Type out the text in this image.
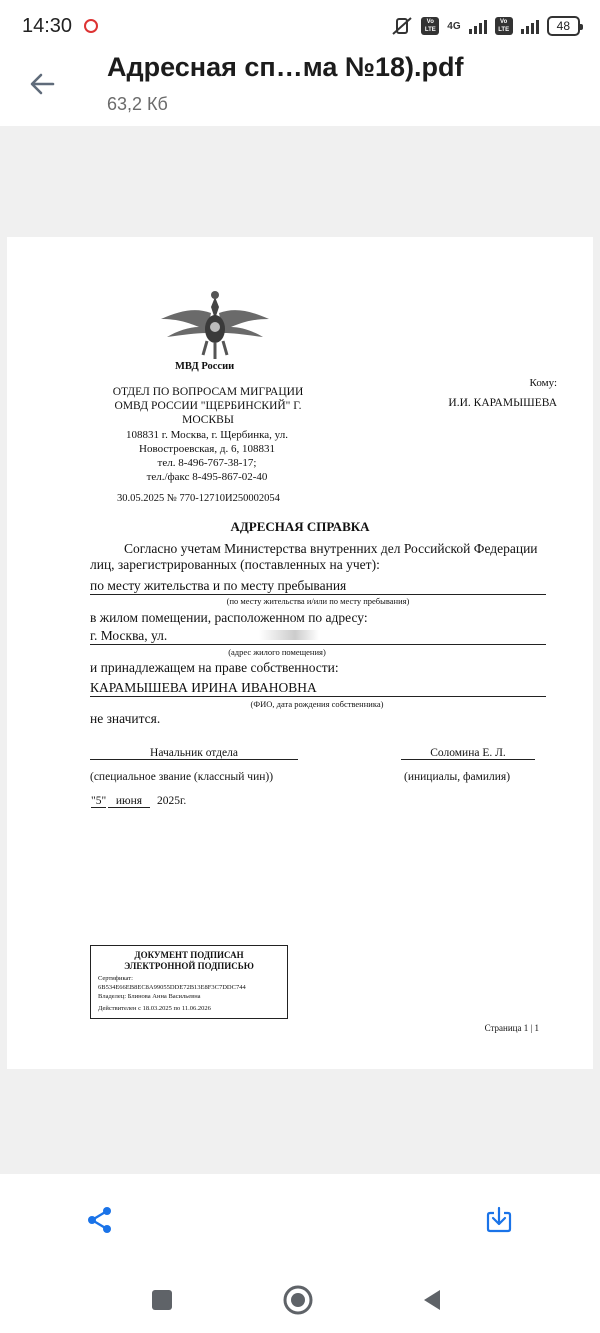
14:30	Vo
LTE	4G	Vo
LTE	48
Адресная сп…ма №18).pdf
63,2 Кб
МВД России
ОТДЕЛ ПО ВОПРОСАМ МИГРАЦИИ
ОМВД РОССИИ "ЩЕРБИНСКИЙ" Г.
МОСКВЫ
108831 г. Москва, г. Щербинка, ул.
Новостроевская, д. 6, 108831
тел. 8-496-767-38-17;
тел./факс 8-495-867-02-40
Кому:
И.И. КАРАМЫШЕВА
30.05.2025 № 770-12710И250002054
АДРЕСНАЯ СПРАВКА
Согласно учетам Министерства внутренних дел Российской Федерации
лиц, зарегистрированных (поставленных на учет):
по месту жительства и по месту пребывания
(по месту жительства и/или по месту пребывания)
в жилом помещении, расположенном по адресу:
г. Москва, ул.
(адрес жилого помещения)
и принадлежащем на праве собственности:
КАРАМЫШЕВА ИРИНА ИВАНОВНА
(ФИО, дата рождения собственника)
не значится.
Начальник отдела	Соломина Е. Л.
(специальное звание (классный чин))	(инициалы, фамилия)
"5" июня	2025г.
ДОКУМЕНТ ПОДПИСАН
ЭЛЕКТРОННОЙ ПОДПИСЬЮ
Сертификат:
6B534E66EB8EC8A99055DDE72B13E8F3C7DDC744
Владелец: Блинова Анна Васильевна
Действителен с 18.03.2025 по 11.06.2026
Страница 1 | 1
